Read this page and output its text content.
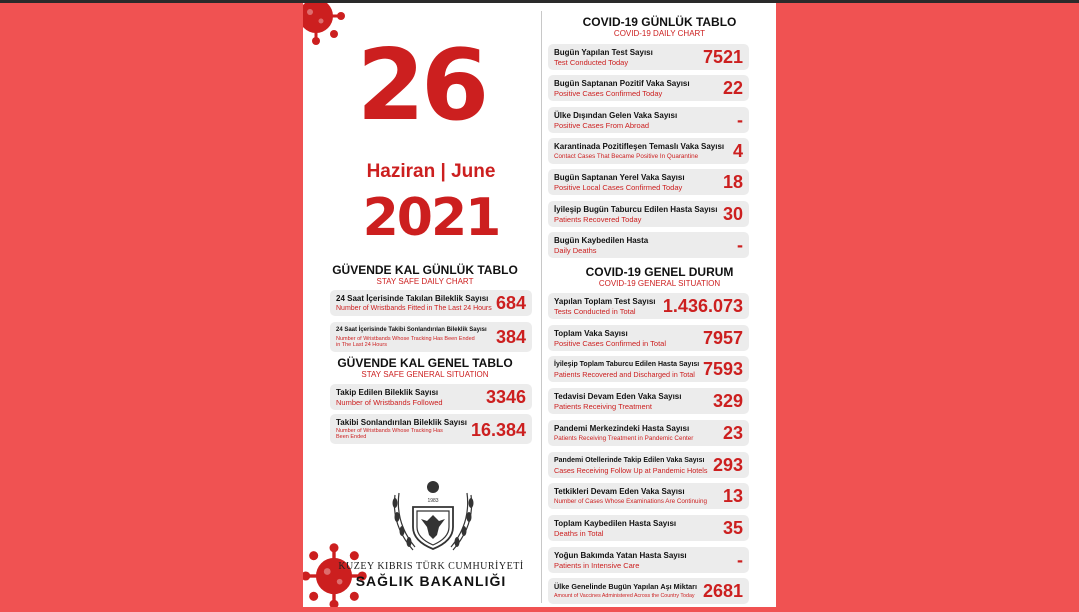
26
Haziran | June
2021
GÜVENDE KAL GÜNLÜK TABLO
STAY SAFE DAILY CHART
24 Saat İçerisinde Takılan Bileklik Sayısı
Number of Wristbands Fitted in The Last 24 Hours 684
24 Saat İçerisinde Takibi Sonlandırılan Bileklik Sayısı
Number of Wristbands Whose Tracking Has Been Ended in The Last 24 Hours	384
GÜVENDE KAL GENEL TABLO
STAY SAFE GENERAL SITUATION
Takip Edilen Bileklik Sayısı
Number of Wristbands Followed 3346
Takibi Sonlandırılan Bileklik Sayısı
Number of Wristbands Whose Tracking Has Been Ended	16.384
1983
KUZEY KIBRIS TÜRK CUMHURİYETİ
SAĞLIK BAKANLIĞI
COVID-19 GÜNLÜK TABLO
COVID-19 DAILY CHART
Bugün Yapılan Test Sayısı
Test Conducted Today	7521
Bugün Saptanan Pozitif Vaka Sayısı
Positive Cases Confirmed Today	22
Ülke Dışından Gelen Vaka Sayısı
Positive Cases From Abroad	-
Karantinada Pozitifleşen Temaslı Vaka Sayısı
Contact Cases That Became Positive In Quarantine 4
Bugün Saptanan Yerel Vaka Sayısı
Positive Local Cases Confirmed Today 18
İyileşip Bugün Taburcu Edilen Hasta Sayısı
Patients Recovered Today	30
Bugün Kaybedilen Hasta
Daily Deaths	-
COVID-19 GENEL DURUM
COVID-19 GENERAL SITUATION
Yapılan Toplam Test Sayısı
Tests Conducted in Total 1.436.073
Toplam Vaka Sayısı
Positive Cases Confirmed in Total 7957
İyileşip Toplam Taburcu Edilen Hasta Sayısı
Patients Recovered and Discharged in Total 7593
Tedavisi Devam Eden Vaka Sayısı
Patients Receiving Treatment	329
Pandemi Merkezindeki Hasta Sayısı
Patients Receiving Treatment in Pandemic Center 23
Pandemi Otellerinde Takip Edilen Vaka Sayısı
Cases Receiving Follow Up at Pandemic Hotels 293
Tetkikleri Devam Eden Vaka Sayısı
Number of Cases Whose Examinations Are Continuing 13
Toplam Kaybedilen Hasta Sayısı
Deaths in Total	35
Yoğun Bakımda Yatan Hasta Sayısı
Patients in Intensive Care	-
Ülke Genelinde Bugün Yapılan Aşı Miktarı
Amount of Vaccines Administered Across the Country Today 2681
